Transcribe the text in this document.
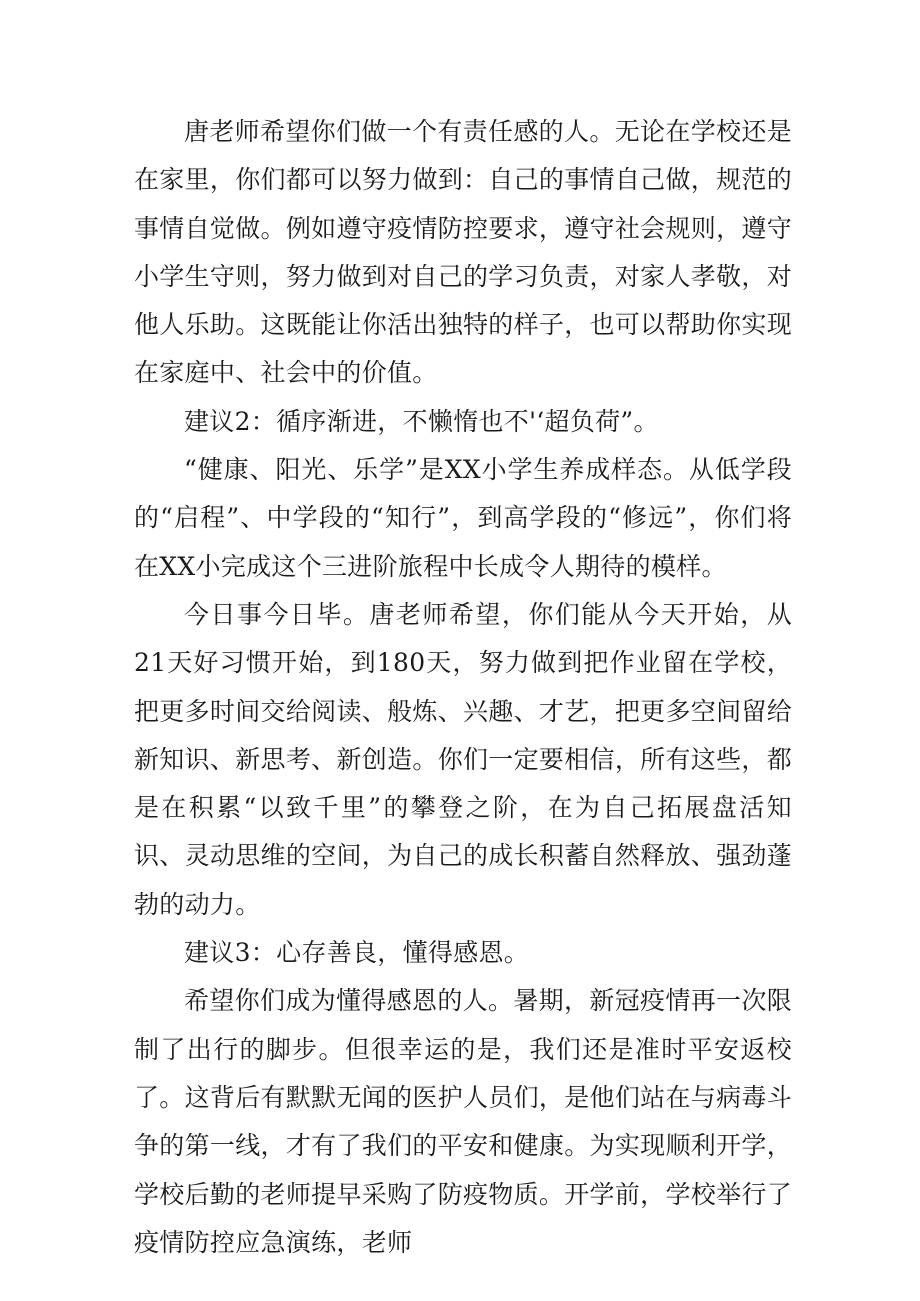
唐老师希望你们做一个有责任感的人。无论在学校还是在家里，你们都可以努力做到：自己的事情自己做，规范的事情自觉做。例如遵守疫情防控要求，遵守社会规则，遵守小学生守则，努力做到对自己的学习负责，对家人孝敬，对他人乐助。这既能让你活出独特的样子，也可以帮助你实现在家庭中、社会中的价值。

建议2：循序渐进，不懒惰也不'‘超负荷”。

“健康、阳光、乐学”是XX小学生养成样态。从低学段的“启程”、中学段的“知行”，到高学段的“修远”，你们将在XX小完成这个三进阶旅程中长成令人期待的模样。

今日事今日毕。唐老师希望，你们能从今天开始，从21天好习惯开始，到180天，努力做到把作业留在学校，把更多时间交给阅读、般炼、兴趣、才艺，把更多空间留给新知识、新思考、新创造。你们一定要相信，所有这些，都是在积累“以致千里”的攀登之阶，在为自己拓展盘活知识、灵动思维的空间，为自己的成长积蓄自然释放、强劲蓬勃的动力。

建议3：心存善良，懂得感恩。

希望你们成为懂得感恩的人。暑期，新冠疫情再一次限制了出行的脚步。但很幸运的是，我们还是准时平安返校了。这背后有默默无闻的医护人员们，是他们站在与病毒斗争的第一线，才有了我们的平安和健康。为实现顺利开学，学校后勤的老师提早采购了防疫物质。开学前，学校举行了疫情防控应急演练，老师
